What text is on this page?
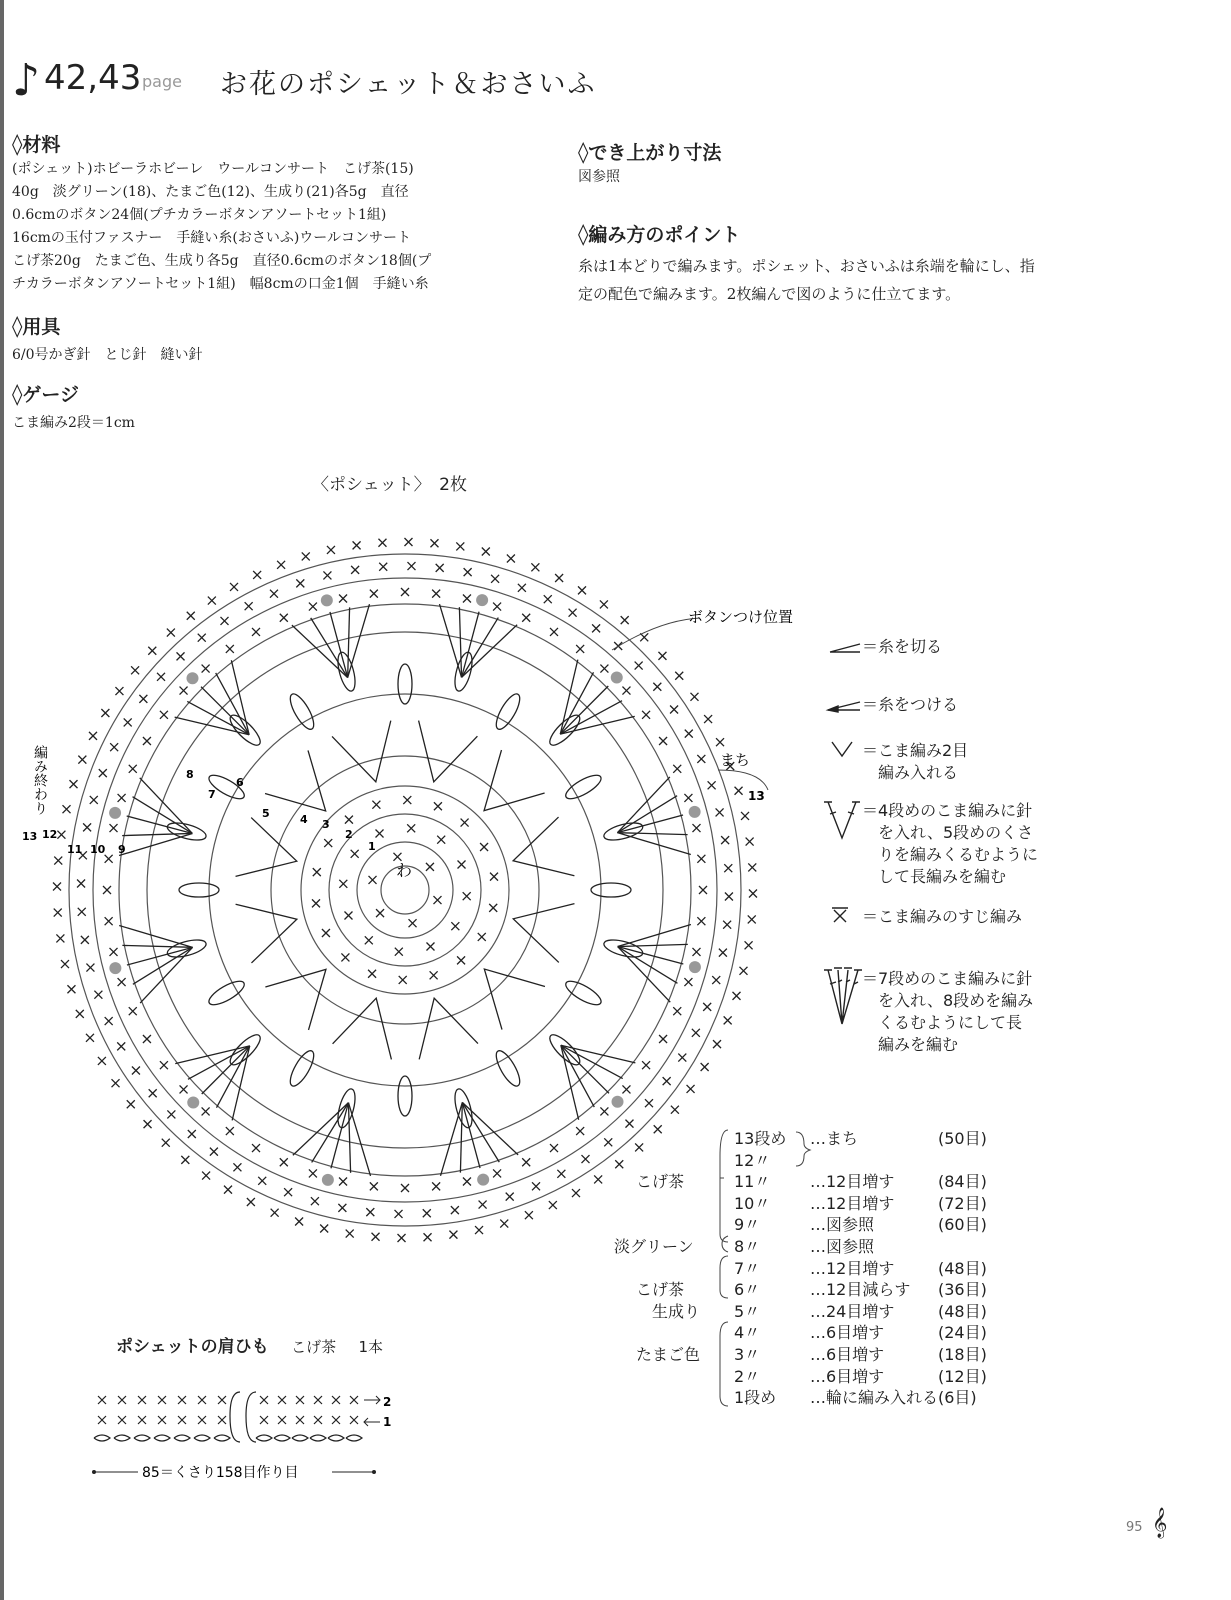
♪ 42,43 page お花のポシェット＆おさいふ
◊材料
(ポシェット)ホビーラホビーレ　ウールコンサート　こげ茶(15)
40g　淡グリーン(18)、たまご色(12)、生成り(21)各5g　直径
0.6cmのボタン24個(プチカラーボタンアソートセット1組)
16cmの玉付ファスナー　手縫い糸(おさいふ)ウールコンサート
こげ茶20g　たまご色、生成り各5g　直径0.6cmのボタン18個(プ
チカラーボタンアソートセット1組)　幅8cmの口金1個　手縫い糸
◊用具
6/0号かぎ針　とじ針　縫い針
◊ゲージ
こま編み2段＝1cm
◊でき上がり寸法
図参照
◊編み方のポイント
糸は1本どりで編みます。ポシェット、おさいふは糸端を輪にし、指
定の配色で編みます。2枚編んで図のように仕立てます。
〈ポシェット〉　 2枚
1
2
3
4
5
6
7
8
9
10
11
12
13
わ
ボタンつけ位置
まち
13
編み終わり
＝糸を切る
＝糸をつける
＝こま編み2目
　編み入れる
＝4段めのこま編みに針
　を入れ、5段めのくさ
　りを編みくるむように
　して長編みを編む
＝こま編みのすじ編み
＝7段めのこま編みに針
　を入れ、8段めを編み
　くるむようにして長
　編みを編む
13段め …まち	(50目)
12〃
11〃 …12目増す	(84目)
こげ茶
10〃 …12目増す	(72目)
9〃	…図参照	(60目)
8〃	…図参照
淡グリーン
7〃	…12目増す	(48目)
6〃	…12目減らす (36目)
こげ茶
5〃	…24目増す	(48目)
生成り
4〃	…6目増す	(24目)
3〃	…6目増す	(18目)
たまご色
2〃	…6目増す	(12目)
1段め …輪に編み入れる(6目)
ポシェットの肩ひも 　 こげ茶 　 1本
2
1
85＝くさり158目作り目
95 𝄞
